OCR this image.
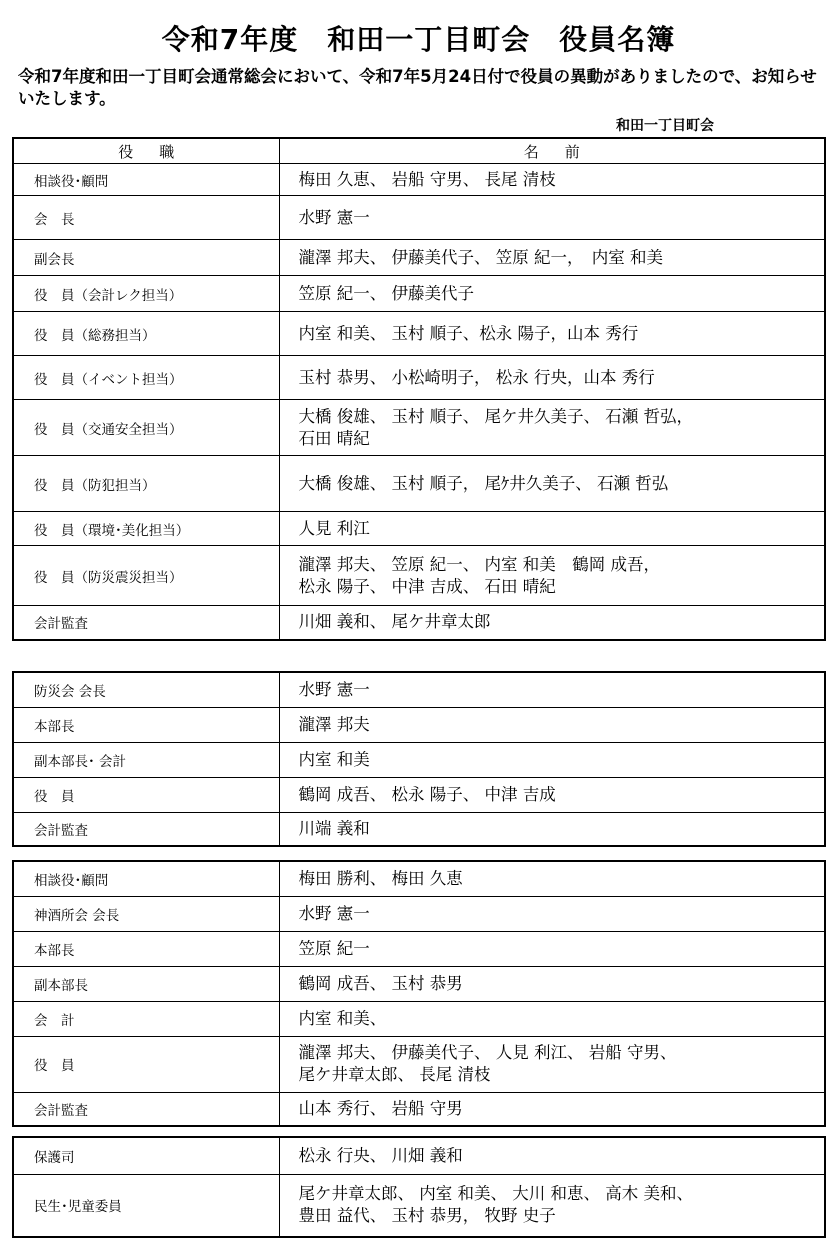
令和7年度　和田一丁目町会　役員名簿
令和7年度和田一丁目町会通常総会において、令和7年5月24日付で役員の異動がありましたので、お知らせいたします。
和田一丁目町会
役職	名前
相談役･顧問	梅田 久恵、 岩船 守男、 長尾 清枝
会　長	水野 憲一
副会長	瀧澤 邦夫、 伊藤美代子、 笠原 紀一，　内室 和美
役　員（会計レク担当）	笠原 紀一、 伊藤美代子
役　員（総務担当）	内室 和美、 玉村 順子、松永 陽子，山本 秀行
役　員（イベント担当）	玉村 恭男、 小松崎明子， 松永 行央，山本 秀行
役　員（交通安全担当）	大橋 俊雄、 玉村 順子、 尾ケ井久美子、 石瀬 哲弘，
石田 晴紀
役　員（防犯担当）	大橋 俊雄、 玉村 順子， 尾ｹ井久美子、 石瀬 哲弘
役　員（環境･美化担当）	人見 利江
役　員（防災震災担当）	瀧澤 邦夫、 笠原 紀一、 内室 和美　鶴岡 成吾，
松永 陽子、 中津 吉成、 石田 晴紀
会計監査	川畑 義和、 尾ケ井章太郎
防災会 会長	水野 憲一
本部長	瀧澤 邦夫
副本部長･ 会計	内室 和美
役　員	鶴岡 成吾、 松永 陽子、 中津 吉成
会計監査	川端 義和
相談役･顧問	梅田 勝利、 梅田 久恵
神酒所会 会長	水野 憲一
本部長	笠原 紀一
副本部長	鶴岡 成吾、 玉村 恭男
会　計	内室 和美、
役　員	瀧澤 邦夫、 伊藤美代子、 人見 利江、 岩船 守男、
尾ケ井章太郎、 長尾 清枝
会計監査	山本 秀行、 岩船 守男
保護司	松永 行央、 川畑 義和
民生･児童委員	尾ケ井章太郎、 内室 和美、 大川 和恵、 高木 美和、
豊田 益代、 玉村 恭男， 牧野 史子
